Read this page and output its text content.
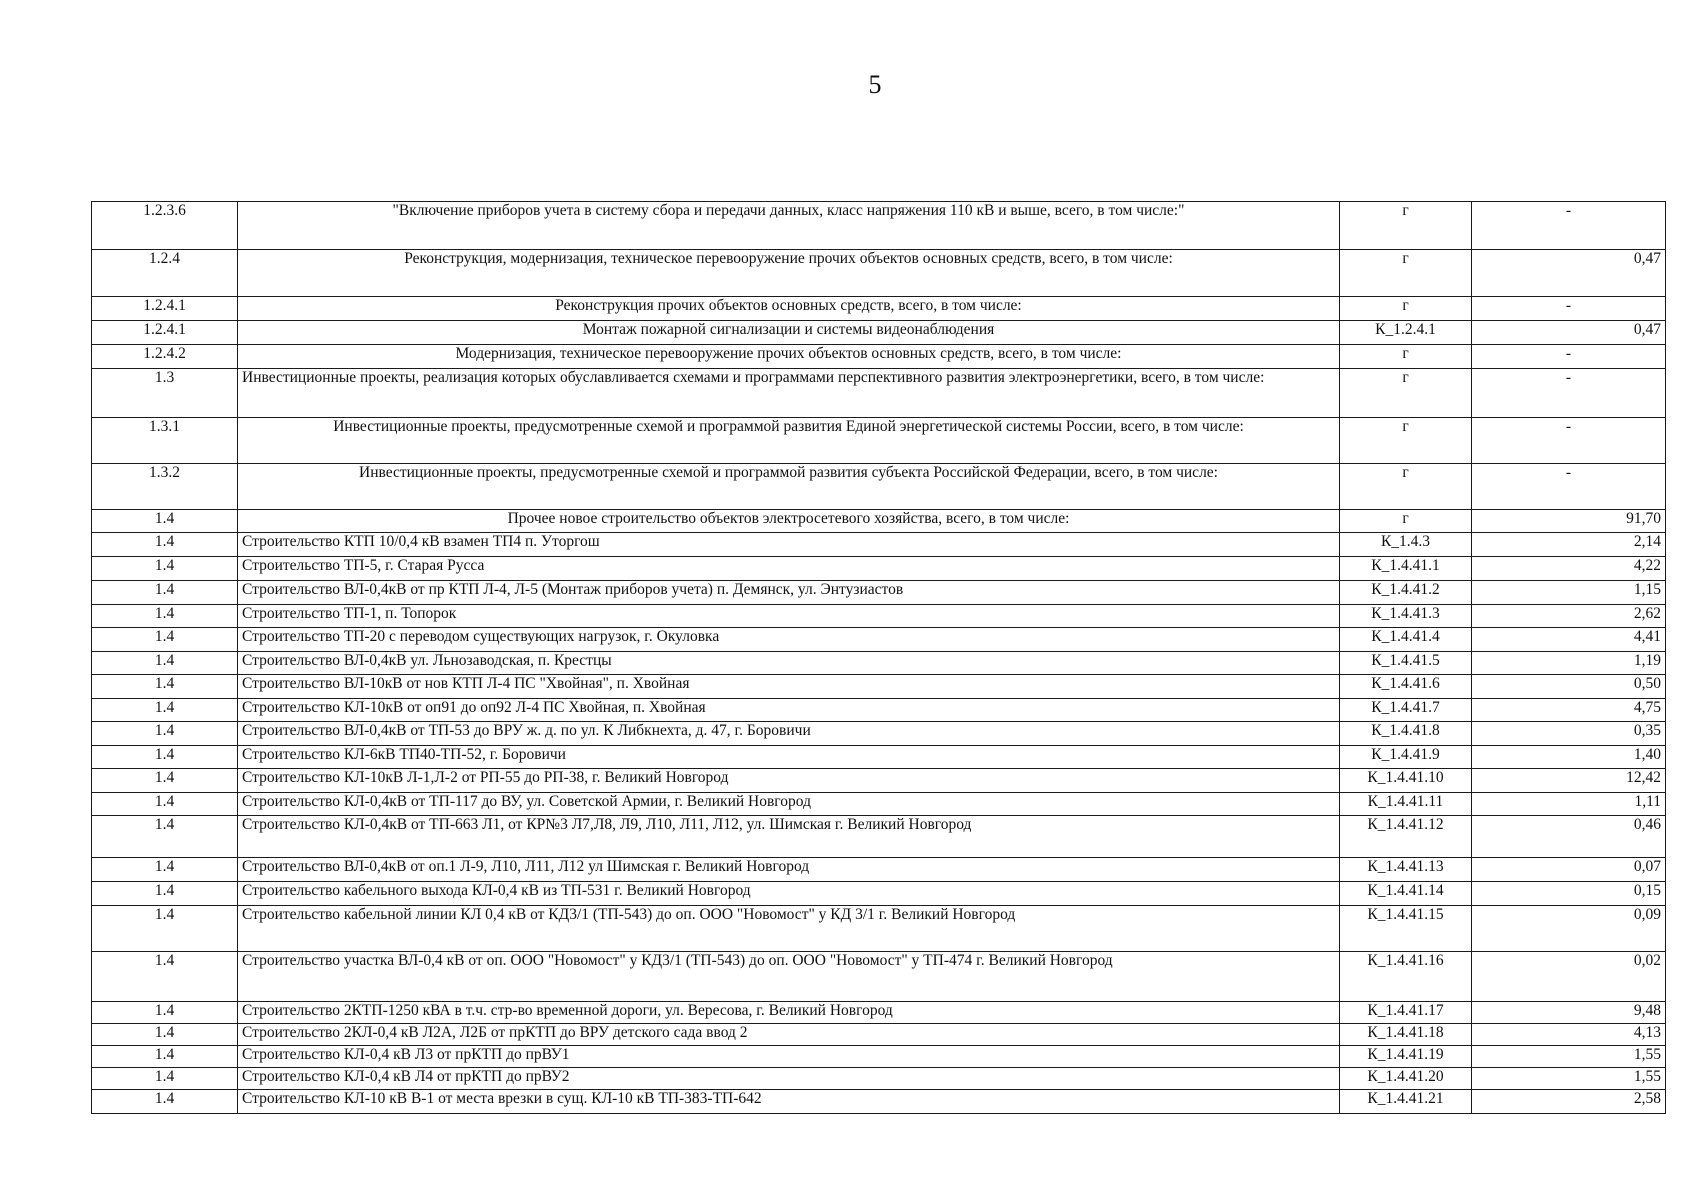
5
1.2.3.6	"Включение приборов учета в систему сбора и передачи данных, класс напряжения 110 кВ и выше, всего, в том числе:"	г	-
1.2.4	Реконструкция, модернизация, техническое перевооружение прочих объектов основных средств, всего, в том числе:	г	0,47
1.2.4.1	Реконструкция прочих объектов основных средств, всего, в том числе:	г	-
1.2.4.1	Монтаж пожарной сигнализации и системы видеонаблюдения	К_1.2.4.1	0,47
1.2.4.2	Модернизация, техническое перевооружение прочих объектов основных средств, всего, в том числе:	г	-
1.3	Инвестиционные проекты, реализация которых обуславливается схемами и программами перспективного развития электроэнергетики, всего, в том числе:	г	-
1.3.1	Инвестиционные проекты, предусмотренные схемой и программой развития Единой энергетической системы России, всего, в том числе:	г	-
1.3.2	Инвестиционные проекты, предусмотренные схемой и программой развития субъекта Российской Федерации, всего, в том числе:	г	-
1.4	Прочее новое строительство объектов электросетевого хозяйства, всего, в том числе:	г	91,70
1.4	Строительство КТП 10/0,4 кВ взамен ТП4 п. Уторгош	К_1.4.3	2,14
1.4	Строительство ТП-5, г. Старая Русса	К_1.4.41.1	4,22
1.4	Строительство ВЛ-0,4кВ от пр КТП Л-4, Л-5 (Монтаж приборов учета) п. Демянск, ул. Энтузиастов	К_1.4.41.2	1,15
1.4	Строительство ТП-1, п. Топорок	К_1.4.41.3	2,62
1.4	Строительство ТП-20 с переводом существующих нагрузок, г. Окуловка	К_1.4.41.4	4,41
1.4	Строительство ВЛ-0,4кВ ул. Льнозаводская, п. Крестцы	К_1.4.41.5	1,19
1.4	Строительство ВЛ-10кВ от нов КТП Л-4 ПС "Хвойная", п. Хвойная	К_1.4.41.6	0,50
1.4	Строительство КЛ-10кВ от оп91 до оп92 Л-4 ПС Хвойная, п. Хвойная	К_1.4.41.7	4,75
1.4	Строительство ВЛ-0,4кВ от ТП-53 до ВРУ ж. д. по ул. К Либкнехта, д. 47, г. Боровичи	К_1.4.41.8	0,35
1.4	Строительство КЛ-6кВ ТП40-ТП-52, г. Боровичи	К_1.4.41.9	1,40
1.4	Строительство КЛ-10кВ Л-1,Л-2 от РП-55 до РП-38, г. Великий Новгород	К_1.4.41.10	12,42
1.4	Строительство КЛ-0,4кВ от ТП-117 до ВУ, ул. Советской Армии, г. Великий Новгород	К_1.4.41.11	1,11
1.4	Строительство КЛ-0,4кВ от ТП-663 Л1, от КР№3 Л7,Л8, Л9, Л10, Л11, Л12, ул. Шимская г. Великий Новгород	К_1.4.41.12	0,46
1.4	Строительство ВЛ-0,4кВ от оп.1 Л-9, Л10, Л11, Л12 ул Шимская г. Великий Новгород	К_1.4.41.13	0,07
1.4	Строительство кабельного выхода КЛ-0,4 кВ из ТП-531 г. Великий Новгород	К_1.4.41.14	0,15
1.4	Строительство кабельной линии КЛ 0,4 кВ от КД3/1 (ТП-543) до оп. ООО "Новомост" у КД 3/1 г. Великий Новгород	К_1.4.41.15	0,09
1.4	Строительство участка ВЛ-0,4 кВ от оп. ООО "Новомост" у КД3/1 (ТП-543) до оп. ООО "Новомост" у ТП-474 г. Великий Новгород	К_1.4.41.16	0,02
1.4	Строительство 2КТП-1250 кВА в т.ч. стр-во временной дороги, ул. Вересова, г. Великий Новгород	К_1.4.41.17	9,48
1.4	Строительство 2КЛ-0,4 кВ Л2А, Л2Б от прКТП до ВРУ детского сада ввод 2	К_1.4.41.18	4,13
1.4	Строительство КЛ-0,4 кВ Л3 от прКТП до прВУ1	К_1.4.41.19	1,55
1.4	Строительство КЛ-0,4 кВ Л4 от прКТП до прВУ2	К_1.4.41.20	1,55
1.4	Строительство КЛ-10 кВ В-1 от места врезки в сущ. КЛ-10 кВ ТП-383-ТП-642	К_1.4.41.21	2,58
